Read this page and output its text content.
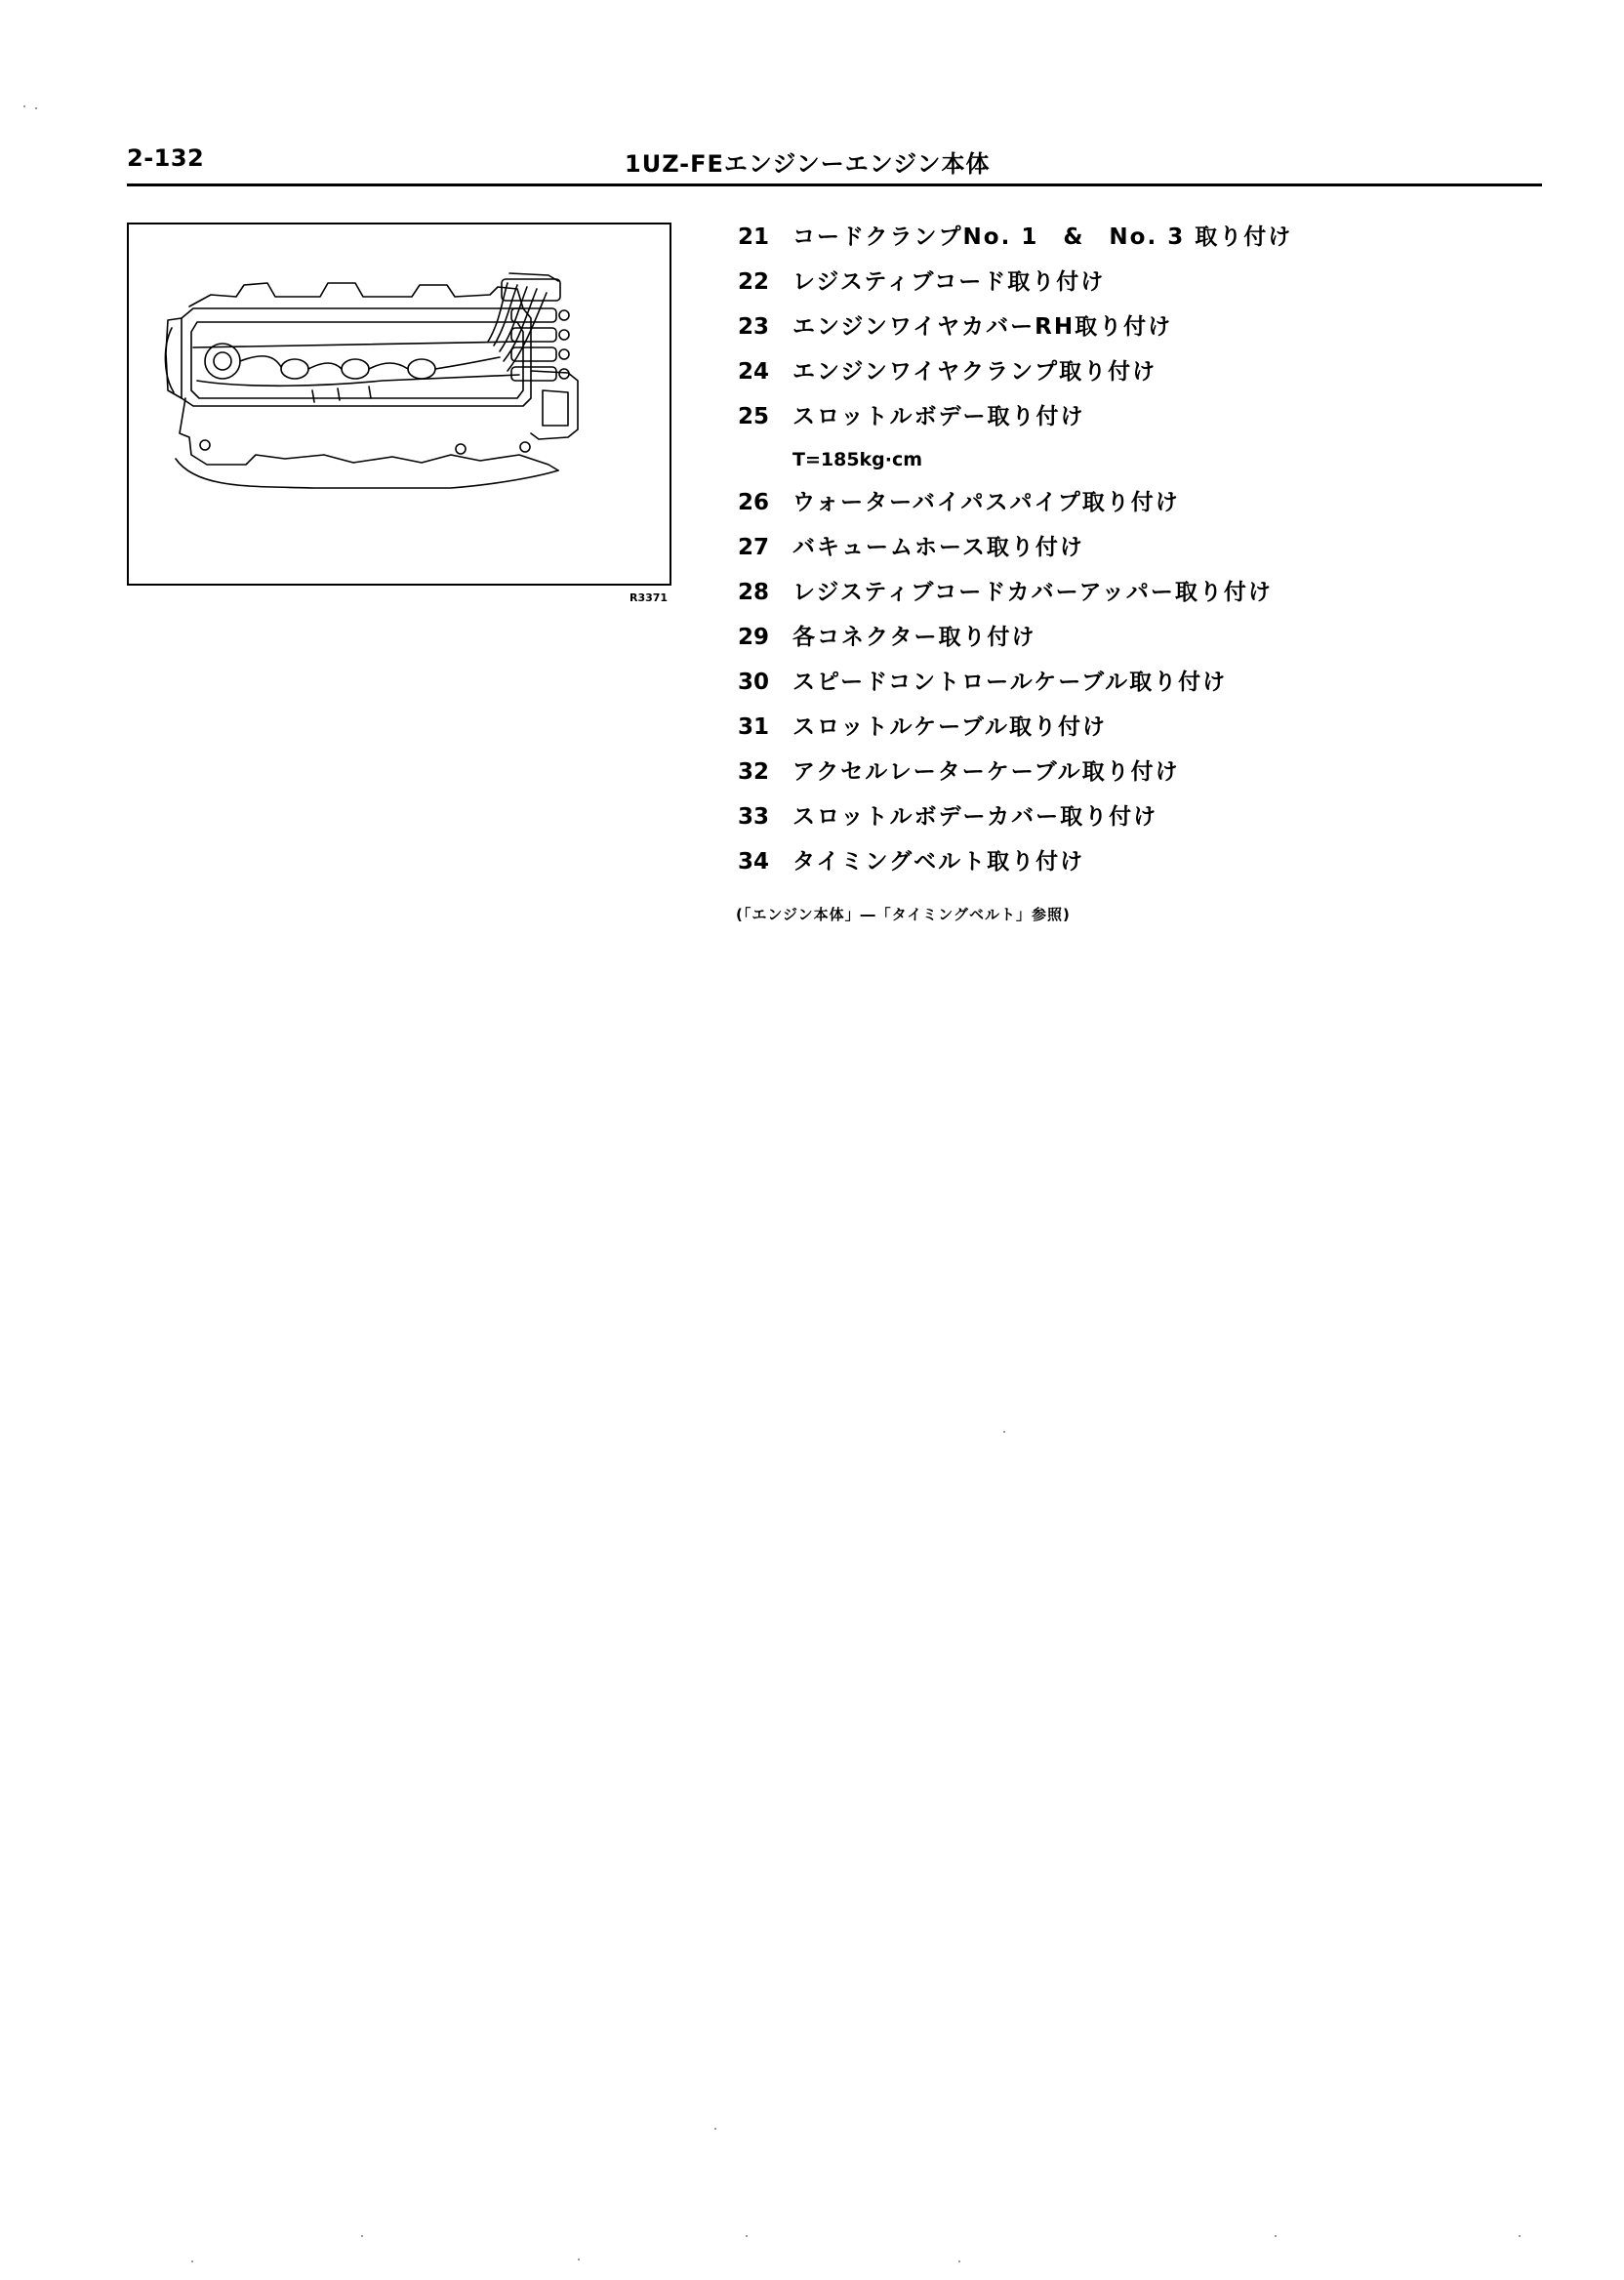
2-132	1UZ-FEエンジンーエンジン本体
R3371
21	コードクランプNo. 1　&　No. 3 取り付け
22	レジスティブコード取り付け
23	エンジンワイヤカバーRH取り付け
24	エンジンワイヤクランプ取り付け
25	スロットルボデー取り付け
T=185kg·cm
26	ウォーターバイパスパイプ取り付け
27	バキュームホース取り付け
28	レジスティブコードカバーアッパー取り付け
29	各コネクター取り付け
30	スピードコントロールケーブル取り付け
31	スロットルケーブル取り付け
32	アクセルレーターケーブル取り付け
33	スロットルボデーカバー取り付け
34	タイミングベルト取り付け
(「エンジン本体」―「タイミングベルト」参照)
